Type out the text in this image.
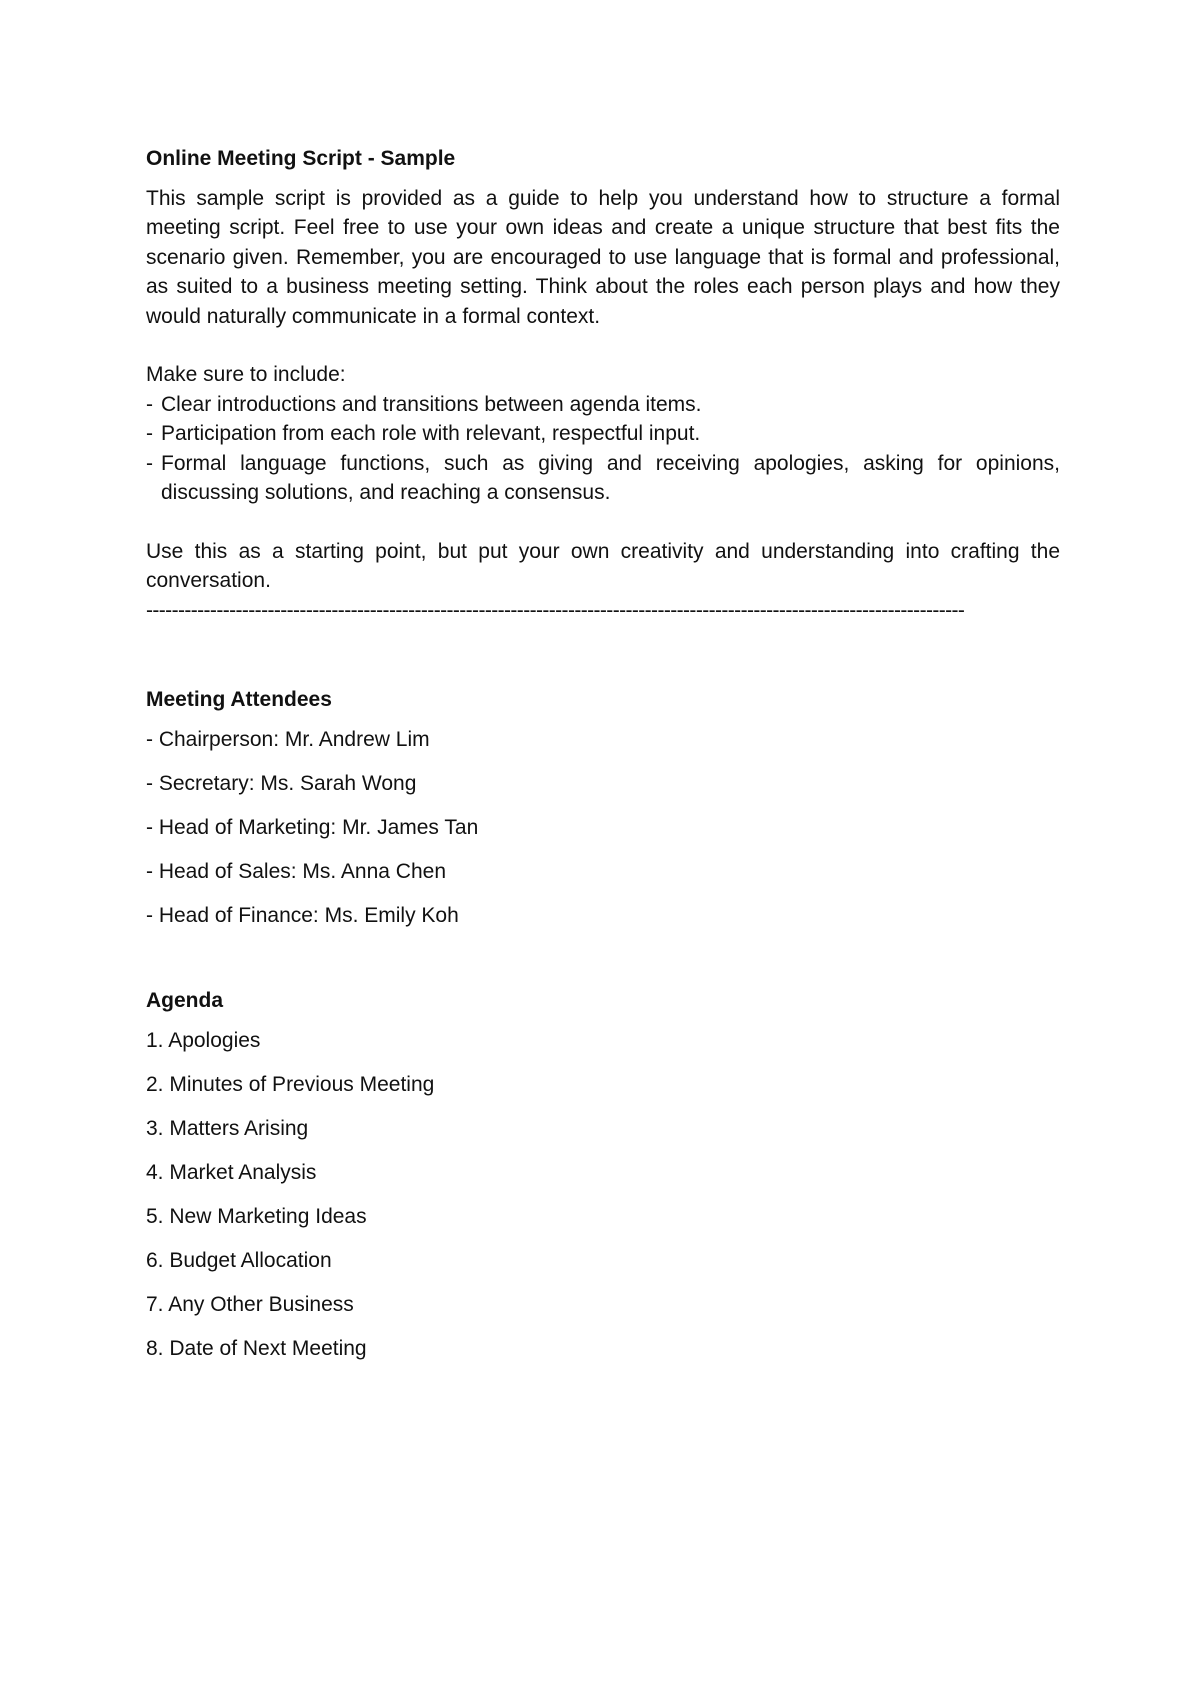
Online Meeting Script - Sample

This sample script is provided as a guide to help you understand how to structure a formal meeting script. Feel free to use your own ideas and create a unique structure that best fits the scenario given. Remember, you are encouraged to use language that is formal and professional, as suited to a business meeting setting. Think about the roles each person plays and how they would naturally communicate in a formal context.

Make sure to include:

- Clear introductions and transitions between agenda items.
- Participation from each role with relevant, respectful input.
- Formal language functions, such as giving and receiving apologies, asking for opinions, discussing solutions, and reaching a consensus.

Use this as a starting point, but put your own creativity and understanding into crafting the conversation.

--------------------------------------------------------------------------------------------------------------------------------

Meeting Attendees
- Chairperson: Mr. Andrew Lim
- Secretary: Ms. Sarah Wong
- Head of Marketing: Mr. James Tan
- Head of Sales: Ms. Anna Chen
- Head of Finance: Ms. Emily Koh
Agenda
1. Apologies
2. Minutes of Previous Meeting
3. Matters Arising
4. Market Analysis
5. New Marketing Ideas
6. Budget Allocation
7. Any Other Business
8. Date of Next Meeting
